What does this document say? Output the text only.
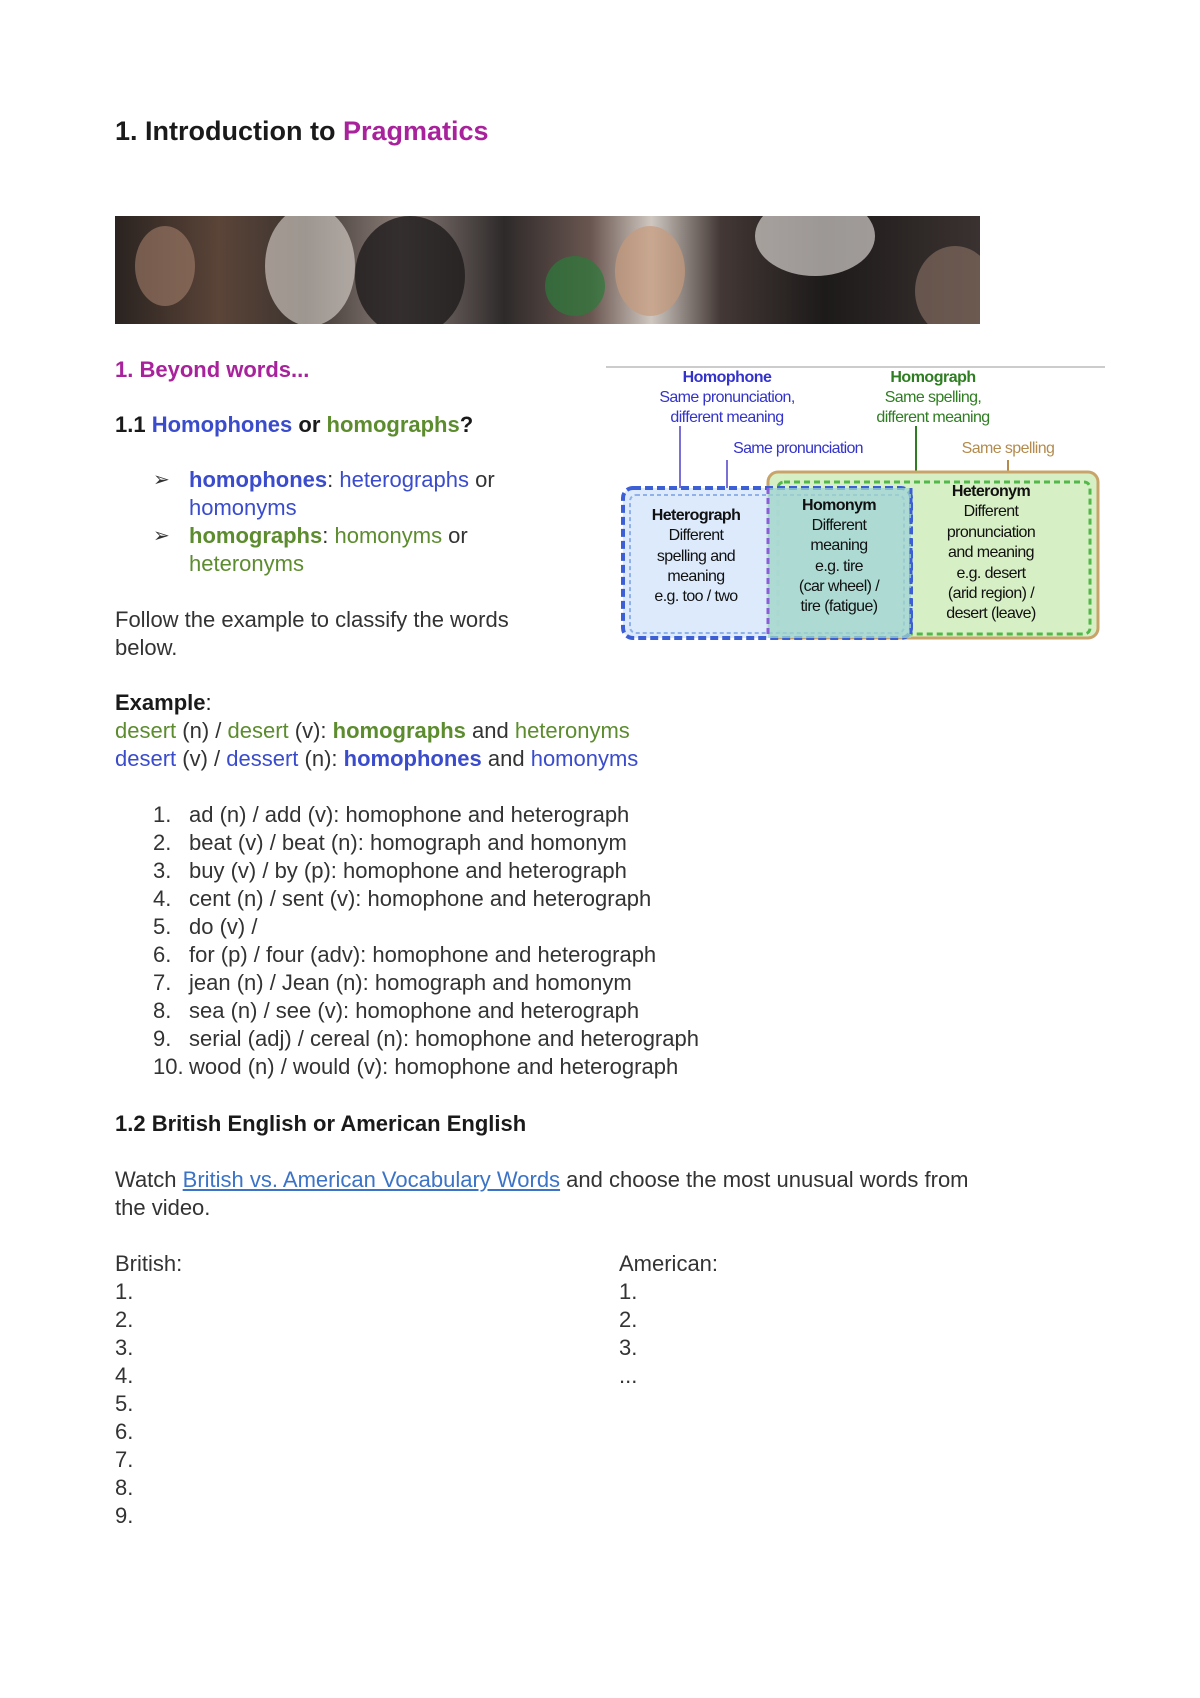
1. Introduction to Pragmatics
1. Beyond words...
1.1 Homophones or homographs?
➢ homophones: heterographs or
homonyms
➢ homographs: homonyms or
heteronyms
Follow the example to classify the words
below.
Example:
desert (n) / desert (v): homographs and heteronyms
desert (v) / dessert (n): homophones and homonyms
1. ad (n) / add (v): homophone and heterograph
2. beat (v) / beat (n): homograph and homonym
3. buy (v) / by (p): homophone and heterograph
4. cent (n) / sent (v): homophone and heterograph
5. do (v) /
6. for (p) / four (adv): homophone and heterograph
7. jean (n) / Jean (n): homograph and homonym
8. sea (n) / see (v): homophone and heterograph
9. serial (adj) / cereal (n): homophone and heterograph
10. wood (n) / would (v): homophone and heterograph
1.2 British English or American English
Watch British vs. American Vocabulary Words and choose the most unusual words from
the video.
British:
1.
2.
3.
4.
5.
6.
7.
8.
9.
American:
1.
2.
3.
...
Homophone
Same pronunciation,
different meaning
Homograph
Same spelling,
different meaning
Same pronunciation	Same spelling
Heterograph
Different
spelling and
meaning
e.g. too / two
Homonym
Different
meaning
e.g. tire
(car wheel) /
tire (fatigue)
Heteronym
Different
pronunciation
and meaning
e.g. desert
(arid region) /
desert (leave)
